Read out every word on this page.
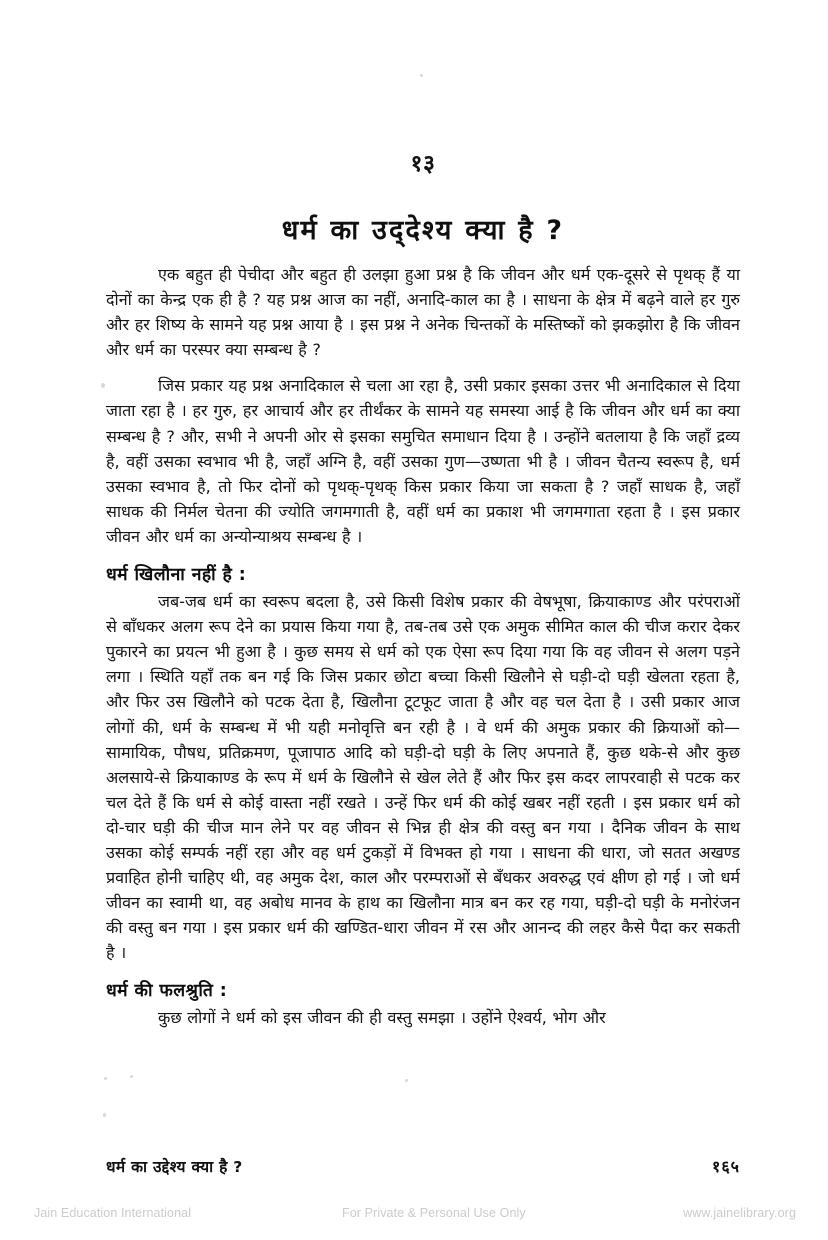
१३
धर्म का उद्‌देश्य क्या है ?

एक बहुत ही पेचीदा और बहुत ही उलझा हुआ प्रश्न है कि जीवन और धर्म एक-दूसरे से पृथक् हैं या दोनों का केन्द्र एक ही है ? यह प्रश्न आज का नहीं, अनादि-काल का है । साधना के क्षेत्र में बढ़ने वाले हर गुरु और हर शिष्य के सामने यह प्रश्न आया है । इस प्रश्न ने अनेक चिन्तकों के मस्तिष्कों को झकझोरा है कि जीवन और धर्म का परस्पर क्या सम्बन्ध है ?

जिस प्रकार यह प्रश्न अनादिकाल से चला आ रहा है, उसी प्रकार इसका उत्तर भी अनादिकाल से दिया जाता रहा है । हर गुरु, हर आचार्य और हर तीर्थंकर के सामने यह समस्या आई है कि जीवन और धर्म का क्या सम्बन्ध है ? और, सभी ने अपनी ओर से इसका समुचित समाधान दिया है । उन्होंने बतलाया है कि जहाँ द्रव्य है, वहीं उसका स्वभाव भी है, जहाँ अग्नि है, वहीं उसका गुण—उष्णता भी है । जीवन चैतन्य स्वरूप है, धर्म उसका स्वभाव है, तो फिर दोनों को पृथक्-पृथक् किस प्रकार किया जा सकता है ? जहाँ साधक है, जहाँ साधक की निर्मल चेतना की ज्योति जगमगाती है, वहीं धर्म का प्रकाश भी जगमगाता रहता है । इस प्रकार जीवन और धर्म का अन्योन्याश्रय सम्बन्ध है ।

धर्म खिलौना नहीं है :

जब-जब धर्म का स्वरूप बदला है, उसे किसी विशेष प्रकार की वेषभूषा, क्रियाकाण्ड और परंपराओं से बाँधकर अलग रूप देने का प्रयास किया गया है, तब-तब उसे एक अमुक सीमित काल की चीज करार देकर पुकारने का प्रयत्न भी हुआ है । कुछ समय से धर्म को एक ऐसा रूप दिया गया कि वह जीवन से अलग पड़ने लगा । स्थिति यहाँ तक बन गई कि जिस प्रकार छोटा बच्चा किसी खिलौने से घड़ी-दो घड़ी खेलता रहता है, और फिर उस खिलौने को पटक देता है, खिलौना टूटफूट जाता है और वह चल देता है । उसी प्रकार आज लोगों की, धर्म के सम्बन्ध में भी यही मनोवृत्ति बन रही है । वे धर्म की अमुक प्रकार की क्रियाओं को—सामायिक, पौषध, प्रतिक्रमण, पूजापाठ आदि को घड़ी-दो घड़ी के लिए अपनाते हैं, कुछ थके-से और कुछ अलसाये-से क्रियाकाण्ड के रूप में धर्म के खिलौने से खेल लेते हैं और फिर इस कदर लापरवाही से पटक कर चल देते हैं कि धर्म से कोई वास्ता नहीं रखते । उन्हें फिर धर्म की कोई खबर नहीं रहती । इस प्रकार धर्म को दो-चार घड़ी की चीज मान लेने पर वह जीवन से भिन्न ही क्षेत्र की वस्तु बन गया । दैनिक जीवन के साथ उसका कोई सम्पर्क नहीं रहा और वह धर्म टुकड़ों में विभक्त हो गया । साधना की धारा, जो सतत अखण्ड प्रवाहित होनी चाहिए थी, वह अमुक देश, काल और परम्पराओं से बँधकर अवरुद्ध एवं क्षीण हो गई । जो धर्म जीवन का स्वामी था, वह अबोध मानव के हाथ का खिलौना मात्र बन कर रह गया, घड़ी-दो घड़ी के मनोरंजन की वस्तु बन गया । इस प्रकार धर्म की खण्डित-धारा जीवन में रस और आनन्द की लहर कैसे पैदा कर सकती है ।

धर्म की फलश्रुति :

कुछ लोगों ने धर्म को इस जीवन की ही वस्तु समझा । उहोंने ऐश्वर्य, भोग और

धर्म का उद्देश्य क्या है ?	१६५
Jain Education International	For Private & Personal Use Only	www.jainelibrary.org
